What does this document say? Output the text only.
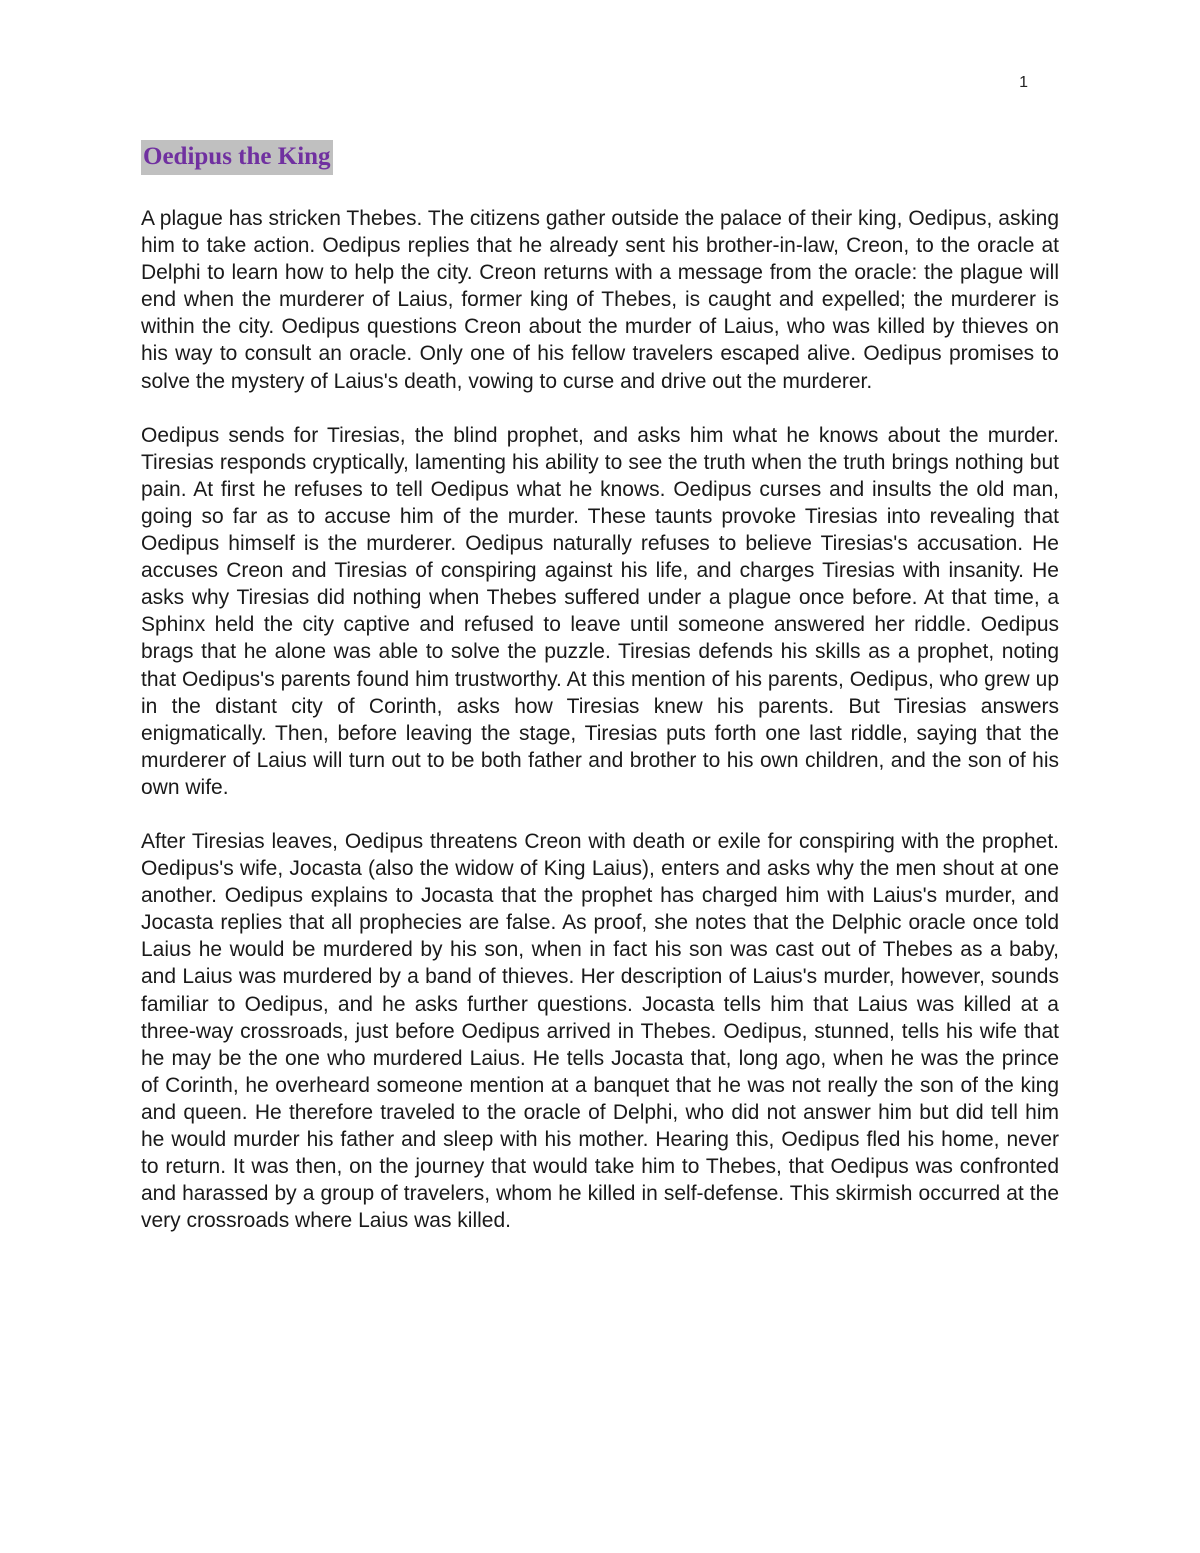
1
Oedipus the King

A plague has stricken Thebes. The citizens gather outside the palace of their king, Oedipus, asking him to take action. Oedipus replies that he already sent his brother-in-law, Creon, to the oracle at Delphi to learn how to help the city. Creon returns with a message from the oracle: the plague will end when the murderer of Laius, former king of Thebes, is caught and expelled; the murderer is within the city. Oedipus questions Creon about the murder of Laius, who was killed by thieves on his way to consult an oracle. Only one of his fellow travelers escaped alive. Oedipus promises to solve the mystery of Laius's death, vowing to curse and drive out the murderer.

Oedipus sends for Tiresias, the blind prophet, and asks him what he knows about the murder. Tiresias responds cryptically, lamenting his ability to see the truth when the truth brings nothing but pain. At first he refuses to tell Oedipus what he knows. Oedipus curses and insults the old man, going so far as to accuse him of the murder. These taunts provoke Tiresias into revealing that Oedipus himself is the murderer. Oedipus naturally refuses to believe Tiresias's accusation. He accuses Creon and Tiresias of conspiring against his life, and charges Tiresias with insanity. He asks why Tiresias did nothing when Thebes suffered under a plague once before. At that time, a Sphinx held the city captive and refused to leave until someone answered her riddle. Oedipus brags that he alone was able to solve the puzzle. Tiresias defends his skills as a prophet, noting that Oedipus's parents found him trustworthy. At this mention of his parents, Oedipus, who grew up in the distant city of Corinth, asks how Tiresias knew his parents. But Tiresias answers enigmatically. Then, before leaving the stage, Tiresias puts forth one last riddle, saying that the murderer of Laius will turn out to be both father and brother to his own children, and the son of his own wife.

After Tiresias leaves, Oedipus threatens Creon with death or exile for conspiring with the prophet. Oedipus's wife, Jocasta (also the widow of King Laius), enters and asks why the men shout at one another. Oedipus explains to Jocasta that the prophet has charged him with Laius's murder, and Jocasta replies that all prophecies are false. As proof, she notes that the Delphic oracle once told Laius he would be murdered by his son, when in fact his son was cast out of Thebes as a baby, and Laius was murdered by a band of thieves. Her description of Laius's murder, however, sounds familiar to Oedipus, and he asks further questions. Jocasta tells him that Laius was killed at a three-way crossroads, just before Oedipus arrived in Thebes. Oedipus, stunned, tells his wife that he may be the one who murdered Laius. He tells Jocasta that, long ago, when he was the prince of Corinth, he overheard someone mention at a banquet that he was not really the son of the king and queen. He therefore traveled to the oracle of Delphi, who did not answer him but did tell him he would murder his father and sleep with his mother. Hearing this, Oedipus fled his home, never to return. It was then, on the journey that would take him to Thebes, that Oedipus was confronted and harassed by a group of travelers, whom he killed in self-defense. This skirmish occurred at the very crossroads where Laius was killed.
